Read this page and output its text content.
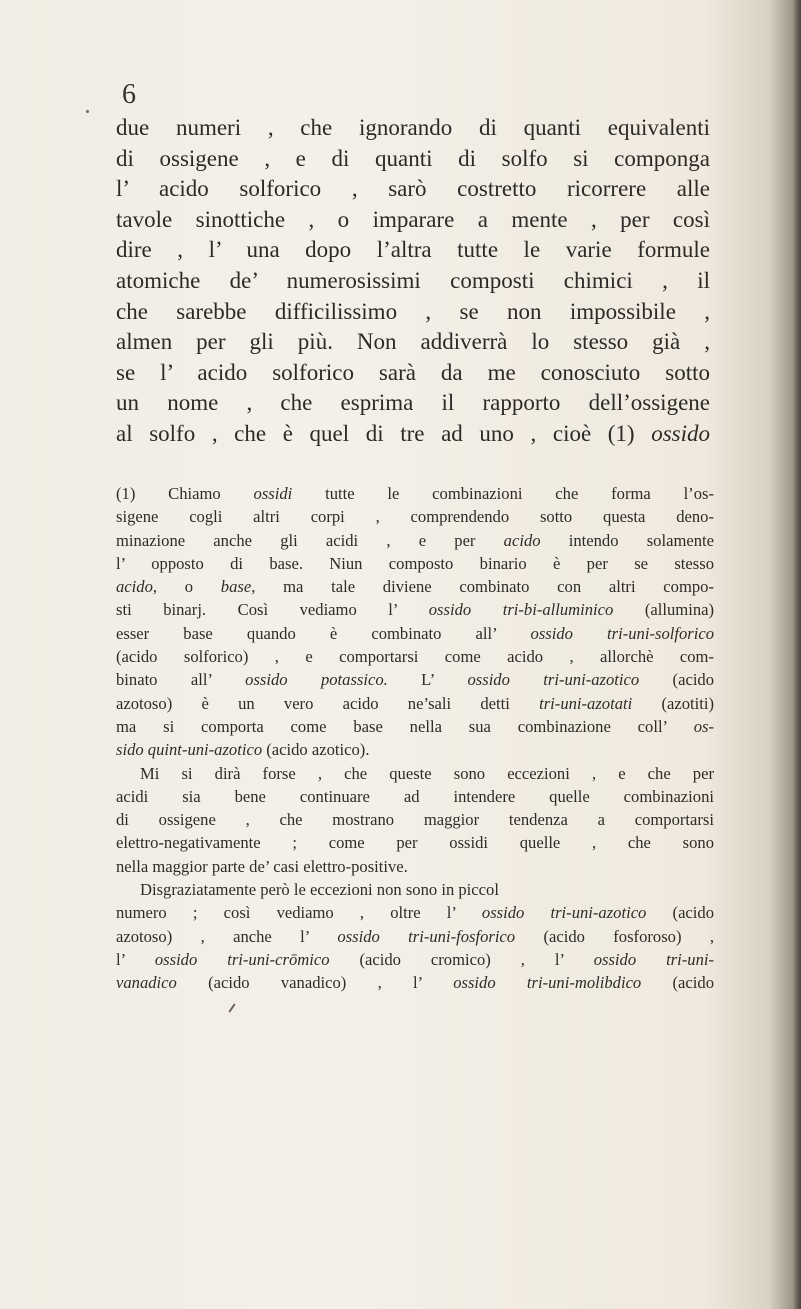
6
due numeri , che ignorando di quanti equivalenti
di ossigene , e di quanti di solfo si componga
l’ acido solforico , sarò costretto ricorrere alle
tavole sinottiche , o imparare a mente , per così
dire , l’ una dopo l’altra tutte le varie formule
atomiche de’ numerosissimi composti chimici , il
che sarebbe difficilissimo , se non impossibile ,
almen per gli più. Non addiverrà lo stesso già ,
se l’ acido solforico sarà da me conosciuto sotto
un nome , che esprima il rapporto dell’ossigene
al solfo , che è quel di tre ad uno , cioè (1) ossido
(1) Chiamo ossidi tutte le combinazioni che forma l’os-
sigene cogli altri corpi , comprendendo sotto questa deno-
minazione anche gli acidi , e per acido intendo solamente
l’ opposto di base. Niun composto binario è per se stesso
acido, o base, ma tale diviene combinato con altri compo-
sti binarj. Così vediamo l’ ossido tri-bi-alluminico (allumina)
esser base quando è combinato all’ ossido tri-uni-solforico
(acido solforico) , e comportarsi come acido , allorchè com-
binato all’ ossido potassico. L’ ossido tri-uni-azotico (acido
azotoso) è un vero acido ne’sali detti tri-uni-azotati (azotiti)
ma si comporta come base nella sua combinazione coll’ os-
sido quint-uni-azotico (acido azotico).
Mi si dirà forse , che queste sono eccezioni , e che per
acidi sia bene continuare ad intendere quelle combinazioni
di ossigene , che mostrano maggior tendenza a comportarsi
elettro-negativamente ; come per ossidi quelle , che sono
nella maggior parte de’ casi elettro-positive.
Disgraziatamente però le eccezioni non sono in piccol
numero ; così vediamo , oltre l’ ossido tri-uni-azotico (acido
azotoso) , anche l’ ossido tri-uni-fosforico (acido fosforoso) ,
l’ ossido tri-uni-crōmico (acido cromico) , l’ ossido tri-uni-
vanadico (acido vanadico) , l’ ossido tri-uni-molibdico (acido
